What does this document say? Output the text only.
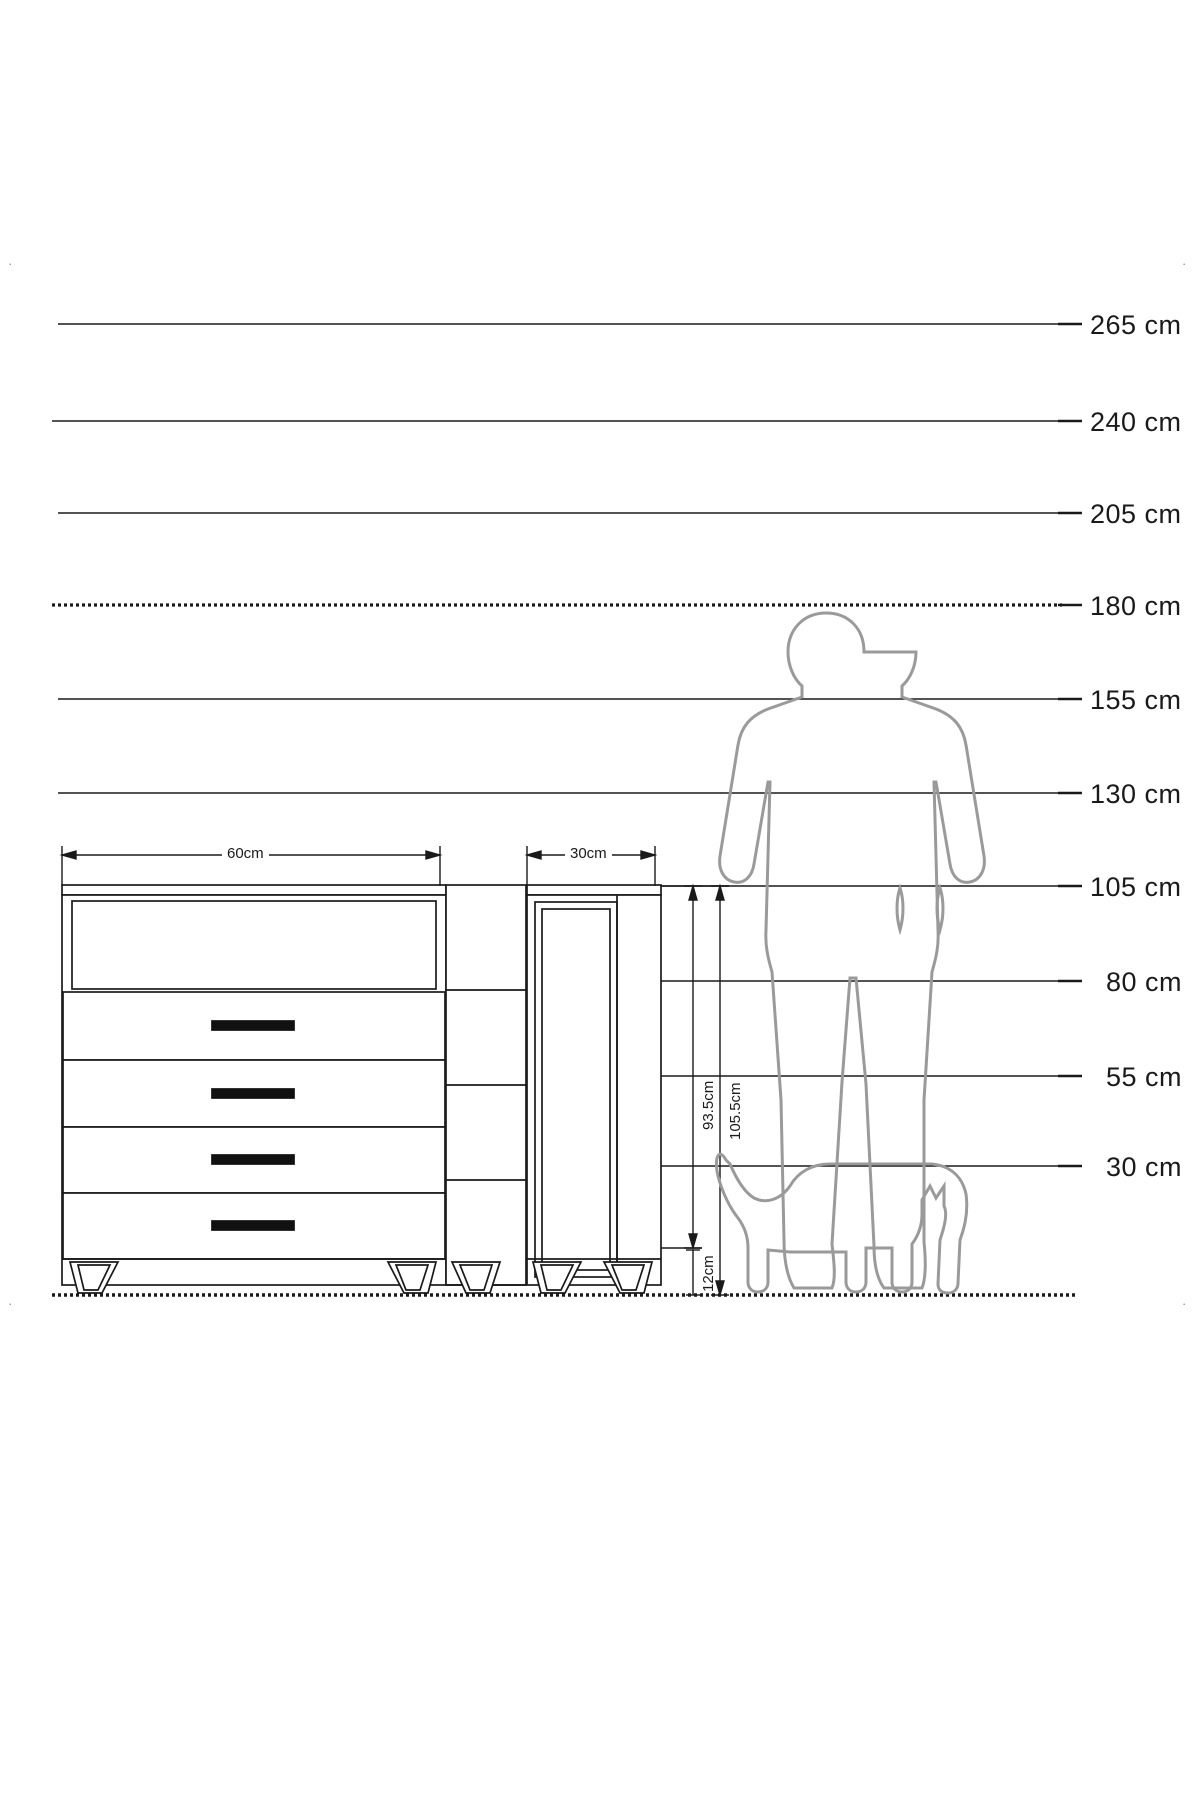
·	·
·	·
265 cm
240 cm
205 cm
180 cm
155 cm
130 cm
105 cm
80 cm
55 cm
30 cm
60cm	30cm
93.5cm 105.5cm
12cm
